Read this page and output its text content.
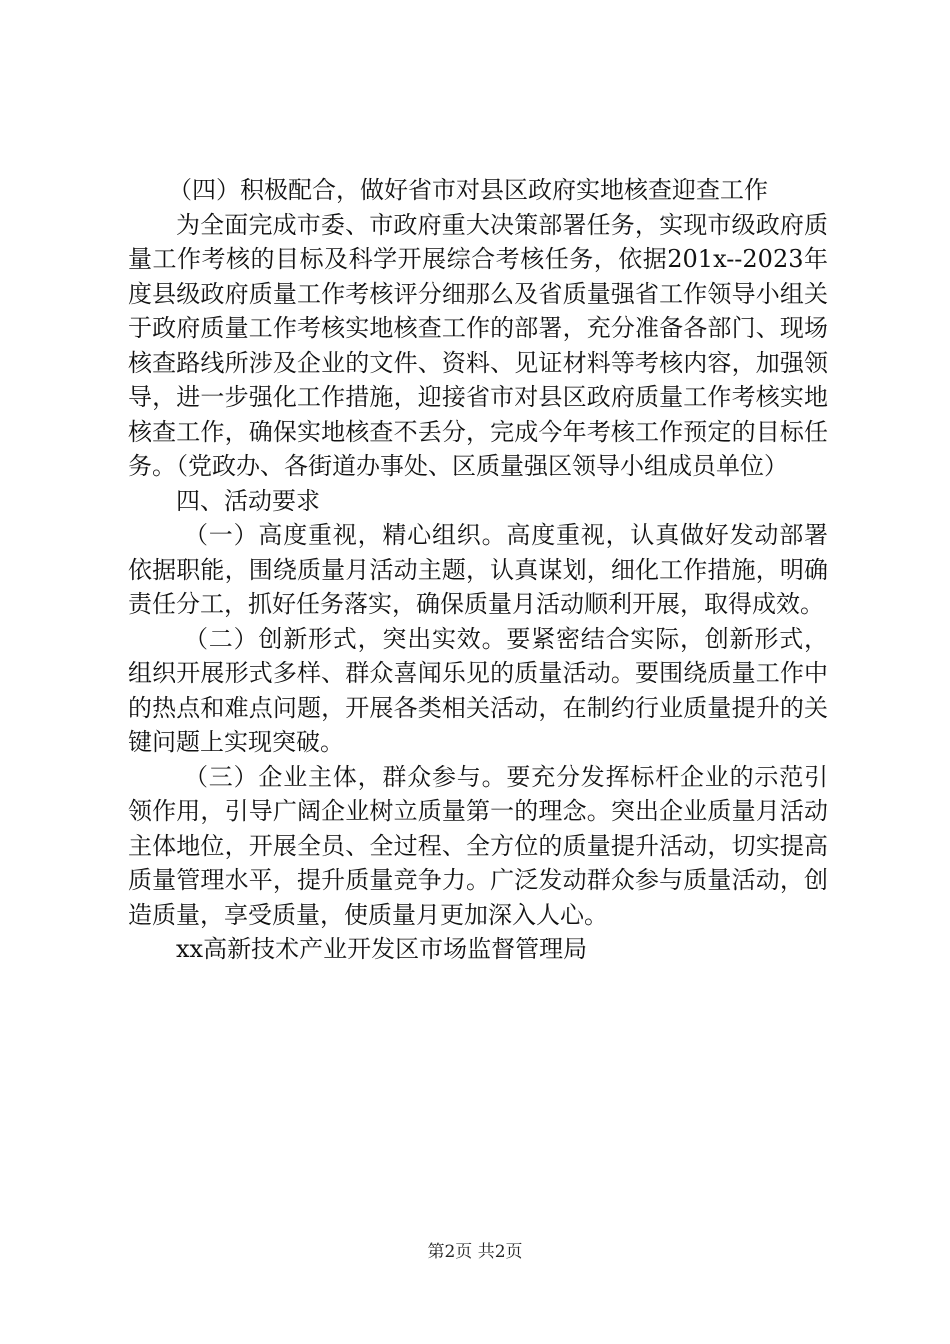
（四）积极配合，做好省市对县区政府实地核查迎查工作

为全面完成市委、市政府重大决策部署任务，实现市级政府质量工作考核的目标及科学开展综合考核任务，依据201x--2023年度县级政府质量工作考核评分细那么及省质量强省工作领导小组关于政府质量工作考核实地核查工作的部署，充分准备各部门、现场核查路线所涉及企业的文件、资料、见证材料等考核内容，加强领导，进一步强化工作措施，迎接省市对县区政府质量工作考核实地核查工作，确保实地核查不丢分，完成今年考核工作预定的目标任务。（党政办、各街道办事处、区质量强区领导小组成员单位）

四、活动要求

（一）高度重视，精心组织。高度重视，认真做好发动部署依据职能，围绕质量月活动主题，认真谋划，细化工作措施，明确责任分工，抓好任务落实，确保质量月活动顺利开展，取得成效。

（二）创新形式，突出实效。要紧密结合实际，创新形式，组织开展形式多样、群众喜闻乐见的质量活动。要围绕质量工作中的热点和难点问题，开展各类相关活动，在制约行业质量提升的关键问题上实现突破。

（三）企业主体，群众参与。要充分发挥标杆企业的示范引领作用，引导广阔企业树立质量第一的理念。突出企业质量月活动主体地位，开展全员、全过程、全方位的质量提升活动，切实提高质量管理水平，提升质量竞争力。广泛发动群众参与质量活动，创造质量，享受质量，使质量月更加深入人心。

xx高新技术产业开发区市场监督管理局

第2页 共2页
